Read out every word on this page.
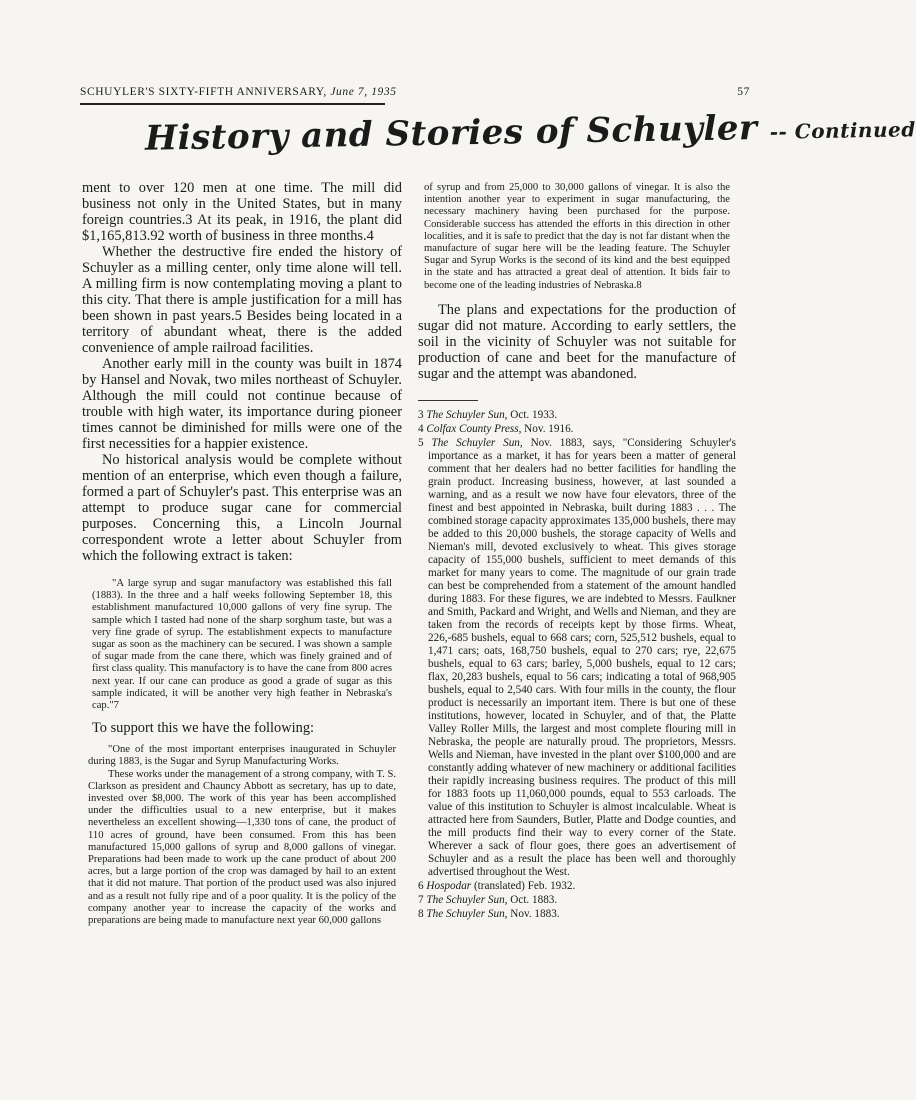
SCHUYLER'S SIXTY-FIFTH ANNIVERSARY, June 7, 1935	57
History and Stories of Schuyler -- Continued

ment to over 120 men at one time. The mill did business not only in the United States, but in many foreign countries.3 At its peak, in 1916, the plant did $1,165,813.92 worth of business in three months.4

Whether the destructive fire ended the history of Schuyler as a milling center, only time alone will tell. A milling firm is now contemplating moving a plant to this city. That there is ample justification for a mill has been shown in past years.5 Besides being located in a territory of abundant wheat, there is the added convenience of ample railroad facilities.

Another early mill in the county was built in 1874 by Hansel and Novak, two miles northeast of Schuyler. Although the mill could not continue because of trouble with high water, its importance during pioneer times cannot be diminished for mills were one of the first necessities for a happier existence.

No historical analysis would be complete without mention of an enterprise, which even though a failure, formed a part of Schuyler's past. This enterprise was an attempt to produce sugar cane for commercial purposes. Concerning this, a Lincoln Journal correspondent wrote a letter about Schuyler from which the following extract is taken:

"A large syrup and sugar manufactory was established this fall (1883). In the three and a half weeks following September 18, this establishment manufactured 10,000 gallons of very fine syrup. The sample which I tasted had none of the sharp sorghum taste, but was a very fine grade of syrup. The establishment expects to manufacture sugar as soon as the machinery can be secured. I was shown a sample of sugar made from the cane there, which was finely grained and of first class quality. This manufactory is to have the cane from 800 acres next year. If our cane can produce as good a grade of sugar as this sample indicated, it will be another very high feather in Nebraska's cap."7

To support this we have the following:

"One of the most important enterprises inaugurated in Schuyler during 1883, is the Sugar and Syrup Manufacturing Works.

These works under the management of a strong company, with T. S. Clarkson as president and Chauncy Abbott as secretary, has up to date, invested over $8,000. The work of this year has been accomplished under the difficulties usual to a new enterprise, but it makes nevertheless an excellent showing—1,330 tons of cane, the product of 110 acres of ground, have been consumed. From this has been manufactured 15,000 gallons of syrup and 8,000 gallons of vinegar. Preparations had been made to work up the cane product of about 200 acres, but a large portion of the crop was damaged by hail to an extent that it did not mature. That portion of the product used was also injured and as a result not fully ripe and of a poor quality. It is the policy of the company another year to increase the capacity of the works and preparations are being made to manufacture next year 60,000 gallons

of syrup and from 25,000 to 30,000 gallons of vinegar. It is also the intention another year to experiment in sugar manufacturing, the necessary machinery having been purchased for the purpose. Considerable success has attended the efforts in this direction in other localities, and it is safe to predict that the day is not far distant when the manufacture of sugar here will be the leading feature. The Schuyler Sugar and Syrup Works is the second of its kind and the best equipped in the state and has attracted a great deal of attention. It bids fair to become one of the leading industries of Nebraska.8

The plans and expectations for the production of sugar did not mature. According to early settlers, the soil in the vicinity of Schuyler was not suitable for production of cane and beet for the manufacture of sugar and the attempt was abandoned.

3 The Schuyler Sun, Oct. 1933.

4 Colfax County Press, Nov. 1916.

5 The Schuyler Sun, Nov. 1883, says, "Considering Schuyler's importance as a market, it has for years been a matter of general comment that her dealers had no better facilities for handling the grain product. Increasing business, however, at last sounded a warning, and as a result we now have four elevators, three of the finest and best appointed in Nebraska, built during 1883 . . . The combined storage capacity approximates 135,000 bushels, there may be added to this 20,000 bushels, the storage capacity of Wells and Nieman's mill, devoted exclusively to wheat. This gives storage capacity of 155,000 bushels, sufficient to meet demands of this market for many years to come. The magnitude of our grain trade can best be comprehended from a statement of the amount handled during 1883. For these figures, we are indebted to Messrs. Faulkner and Smith, Packard and Wright, and Wells and Nieman, and they are taken from the records of receipts kept by those firms. Wheat, 226,-685 bushels, equal to 668 cars; corn, 525,512 bushels, equal to 1,471 cars; oats, 168,750 bushels, equal to 270 cars; rye, 22,675 bushels, equal to 63 cars; barley, 5,000 bushels, equal to 12 cars; flax, 20,283 bushels, equal to 56 cars; indicating a total of 968,905 bushels, equal to 2,540 cars. With four mills in the county, the flour product is necessarily an important item. There is but one of these institutions, however, located in Schuyler, and of that, the Platte Valley Roller Mills, the largest and most complete flouring mill in Nebraska, the people are naturally proud. The proprietors, Messrs. Wells and Nieman, have invested in the plant over $100,000 and are constantly adding whatever of new machinery or additional facilities their rapidly increasing business requires. The product of this mill for 1883 foots up 11,060,000 pounds, equal to 553 carloads. The value of this institution to Schuyler is almost incalculable. Wheat is attracted here from Saunders, Butler, Platte and Dodge counties, and the mill products find their way to every corner of the State. Wherever a sack of flour goes, there goes an advertisement of Schuyler and as a result the place has been well and thoroughly advertised throughout the West.

6 Hospodar (translated) Feb. 1932.

7 The Schuyler Sun, Oct. 1883.

8 The Schuyler Sun, Nov. 1883.
